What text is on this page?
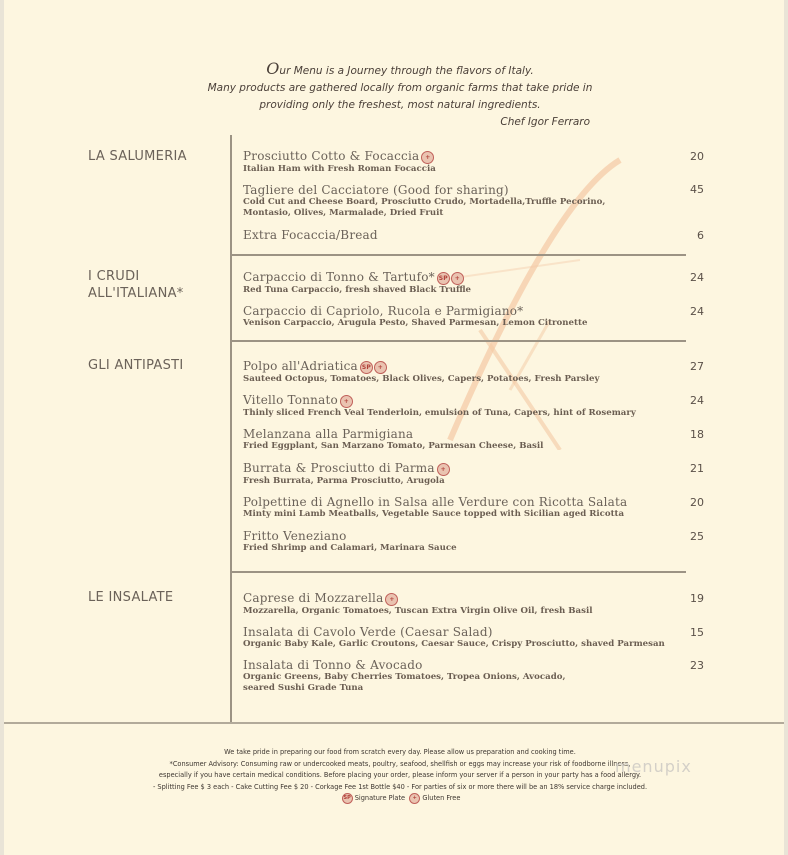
Our Menu is a Journey through the flavors of Italy.
Many products are gathered locally from organic farms that take pride in
providing only the freshest, most natural ingredients.
Chef Igor Ferraro
LA SALUMERIA
I CRUDI
ALL'ITALIANA*
GLI ANTIPASTI
LE INSALATE
Prosciutto Cotto & Focaccia +
Italian Ham with Fresh Roman Focaccia
20
Tagliere del Cacciatore (Good for sharing)
Cold Cut and Cheese Board, Prosciutto Crudo, Mortadella,Truffle Pecorino,
Montasio, Olives, Marmalade, Dried Fruit
45
Extra Focaccia/Bread	6
Carpaccio di Tonno & Tartufo* SP +
Red Tuna Carpaccio, fresh shaved Black Truffle
24
Carpaccio di Capriolo, Rucola e Parmigiano*
Venison Carpaccio, Arugula Pesto, Shaved Parmesan, Lemon Citronette
24
Polpo all'Adriatica SP +
Sauteed Octopus, Tomatoes, Black Olives, Capers, Potatoes, Fresh Parsley
27
Vitello Tonnato +
Thinly sliced French Veal Tenderloin, emulsion of Tuna, Capers, hint of Rosemary
24
Melanzana alla Parmigiana
Fried Eggplant, San Marzano Tomato, Parmesan Cheese, Basil
18
Burrata & Prosciutto di Parma +
Fresh Burrata, Parma Prosciutto, Arugola
21
Polpettine di Agnello in Salsa alle Verdure con Ricotta Salata
Minty mini Lamb Meatballs, Vegetable Sauce topped with Sicilian aged Ricotta
20
Fritto Veneziano
Fried Shrimp and Calamari, Marinara Sauce
25
Caprese di Mozzarella +
Mozzarella, Organic Tomatoes, Tuscan Extra Virgin Olive Oil, fresh Basil
19
Insalata di Cavolo Verde (Caesar Salad)
Organic Baby Kale, Garlic Croutons, Caesar Sauce, Crispy Prosciutto, shaved Parmesan
15
Insalata di Tonno & Avocado
Organic Greens, Baby Cherries Tomatoes, Tropea Onions, Avocado,
seared Sushi Grade Tuna
23
We take pride in preparing our food from scratch every day. Please allow us preparation and cooking time.
*Consumer Advisory: Consuming raw or undercooked meats, poultry, seafood, shellfish or eggs may increase your risk of foodborne illness,
especially if you have certain medical conditions. Before placing your order, please inform your server if a person in your party has a food allergy.
- Splitting Fee $ 3 each - Cake Cutting Fee $ 20 - Corkage Fee 1st Bottle $40 - For parties of six or more there will be an 18% service charge included.
SP Signature Plate + Gluten Free
menupix
